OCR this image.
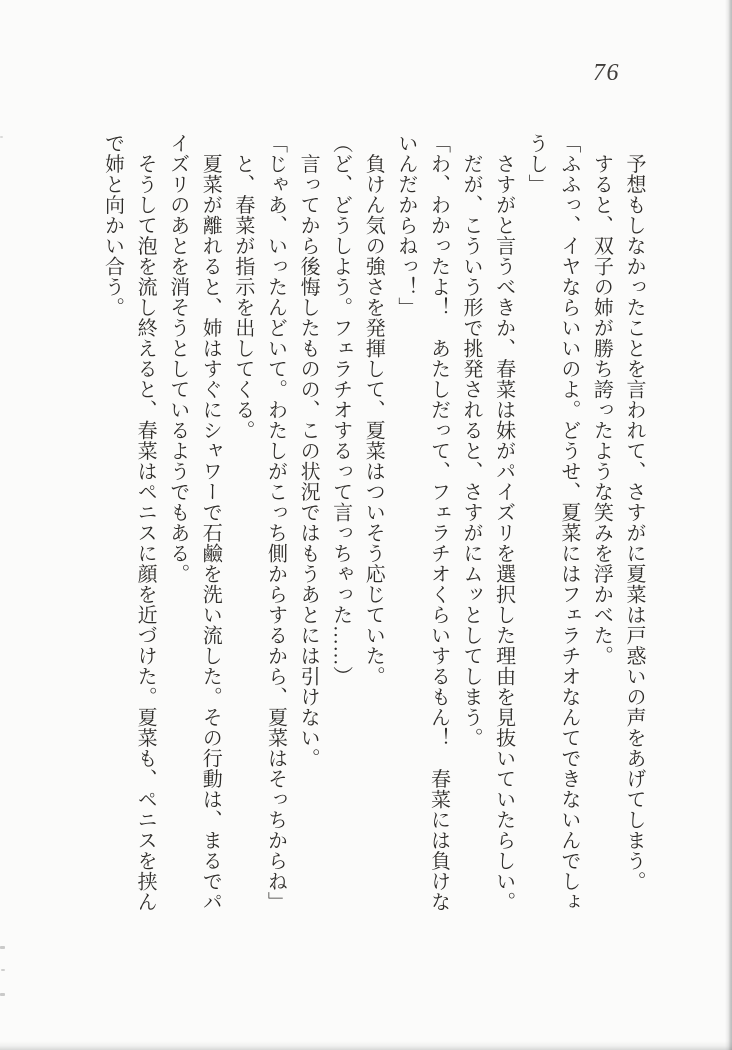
76
　予想もしなかったことを言われて、さすがに夏菜は戸惑いの声をあげてしまう。
　すると、双子の姉が勝ち誇ったような笑みを浮かべた。
「ふふっ、イヤならいいのよ。どうせ、夏菜にはフェラチオなんてできないんでしょ
うし」
　さすがと言うべきか、春菜は妹がパイズリを選択した理由を見抜いていたらしい。
　だが、こういう形で挑発されると、さすがにムッとしてしまう。
「わ、わかったよ！　あたしだって、フェラチオくらいするもん！　春菜には負けな
いんだからねっ！」
　負けん気の強さを発揮して、夏菜はついそう応じていた。
（ど、どうしよう。フェラチオするって言っちゃった……）
　言ってから後悔したものの、この状況ではもうあとには引けない。
「じゃあ、いったんどいて。わたしがこっち側からするから、夏菜はそっちからね」
　と、春菜が指示を出してくる。
　夏菜が離れると、姉はすぐにシャワーで石鹼を洗い流した。その行動は、まるでパ
イズリのあとを消そうとしているようでもある。
　そうして泡を流し終えると、春菜はペニスに顔を近づけた。夏菜も、ペニスを挟ん
で姉と向かい合う。
